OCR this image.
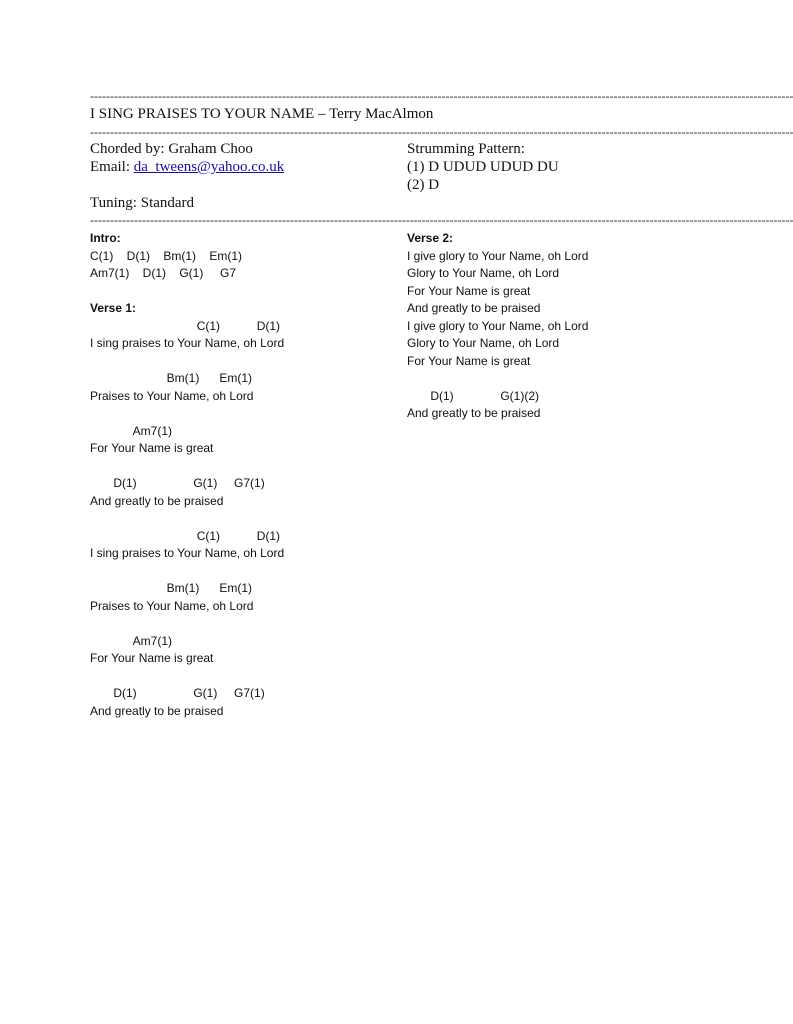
--------------------------------------------------------------------------------------------------------------------------------------------------------------------------------
I SING PRAISES TO YOUR NAME – Terry MacAlmon
--------------------------------------------------------------------------------------------------------------------------------------------------------------------------------
Chorded by: Graham Choo
Email: da_tweens@yahoo.co.uk
Tuning: Standard
Strumming Pattern:
(1) D UDUD UDUD DU
(2) D
--------------------------------------------------------------------------------------------------------------------------------------------------------------------------------
Intro:
C(1)    D(1)    Bm(1)    Em(1)
Am7(1)    D(1)    G(1)     G7
Verse 1:
C(1)           D(1)
I sing praises to Your Name, oh Lord
Bm(1)      Em(1)
Praises to Your Name, oh Lord
Am7(1)
For Your Name is great
D(1)                 G(1)     G7(1)
And greatly to be praised
C(1)           D(1)
I sing praises to Your Name, oh Lord
Bm(1)      Em(1)
Praises to Your Name, oh Lord
Am7(1)
For Your Name is great
D(1)                 G(1)     G7(1)
And greatly to be praised
Verse 2:
I give glory to Your Name, oh Lord
Glory to Your Name, oh Lord
For Your Name is great
And greatly to be praised
I give glory to Your Name, oh Lord
Glory to Your Name, oh Lord
For Your Name is great
D(1)              G(1)(2)
And greatly to be praised
